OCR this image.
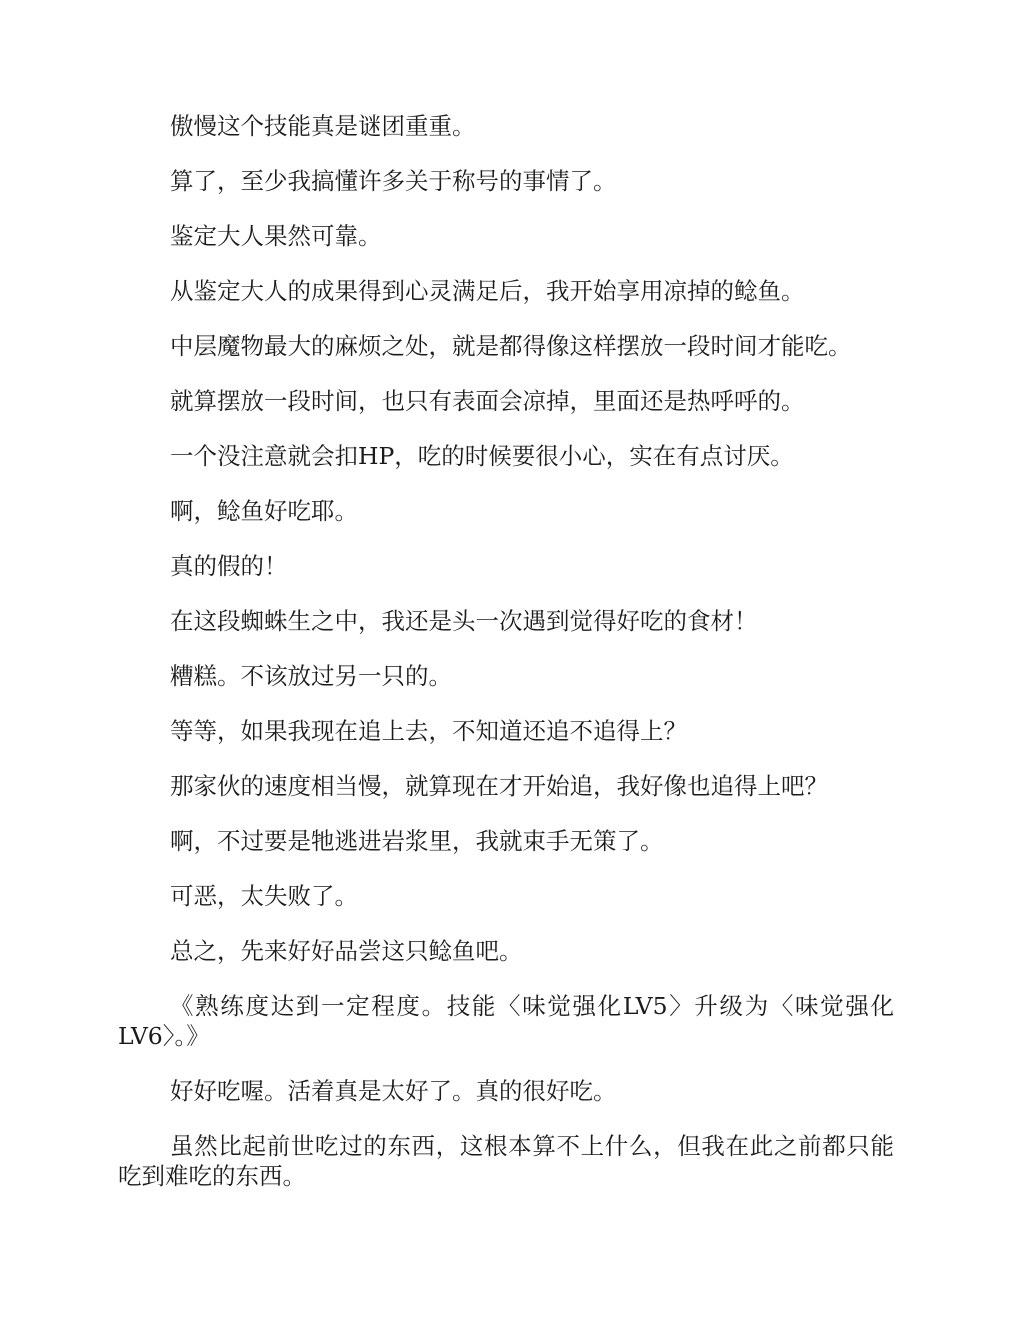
傲慢这个技能真是谜团重重。

算了，至少我搞懂许多关于称号的事情了。

鉴定大人果然可靠。

从鉴定大人的成果得到心灵满足后，我开始享用凉掉的鲶鱼。

中层魔物最大的麻烦之处，就是都得像这样摆放一段时间才能吃。

就算摆放一段时间，也只有表面会凉掉，里面还是热呼呼的。

一个没注意就会扣HP，吃的时候要很小心，实在有点讨厌。

啊，鲶鱼好吃耶。

真的假的！

在这段蜘蛛生之中，我还是头一次遇到觉得好吃的食材！

糟糕。不该放过另一只的。

等等，如果我现在追上去，不知道还追不追得上？

那家伙的速度相当慢，就算现在才开始追，我好像也追得上吧？

啊，不过要是牠逃进岩浆里，我就束手无策了。

可恶，太失败了。

总之，先来好好品尝这只鲶鱼吧。

《熟练度达到一定程度。技能〈味觉强化LV5〉升级为〈味觉强化LV6〉。》

好好吃喔。活着真是太好了。真的很好吃。

虽然比起前世吃过的东西，这根本算不上什么，但我在此之前都只能吃到难吃的东西。
